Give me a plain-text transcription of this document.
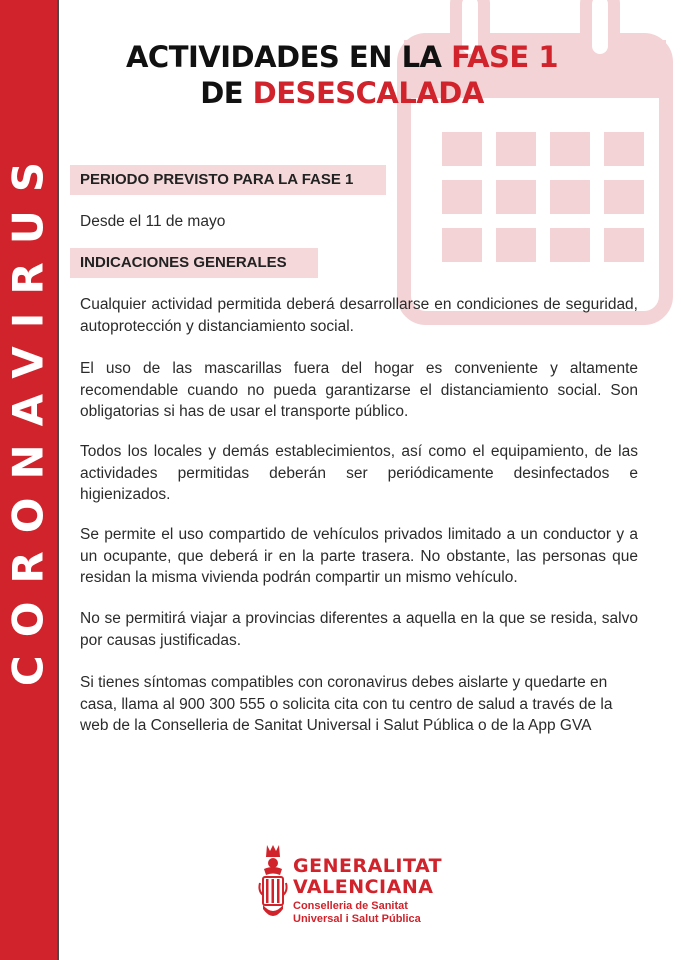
CORONAVIRUS
ACTIVIDADES EN LA FASE 1
DE DESESCALADA
PERIODO PREVISTO PARA LA FASE 1
Desde el 11 de mayo
INDICACIONES GENERALES
Cualquier actividad permitida deberá desarrollarse en condiciones de seguridad, autoprotección y distanciamiento social.
El uso de las mascarillas fuera del hogar es conveniente y altamente recomendable cuando no pueda garantizarse el distanciamiento social. Son obligatorias si has de usar el transporte público.
Todos los locales y demás establecimientos, así como el equipamiento, de las actividades permitidas deberán ser periódicamente desinfectados e higienizados.
Se permite el uso compartido de vehículos privados limitado a un conductor y a un ocupante, que deberá ir en la parte trasera. No obstante, las personas que residan la misma vivienda podrán compartir un mismo vehículo.
No se permitirá viajar a provincias diferentes a aquella en la que se resida, salvo por causas justificadas.
Si tienes síntomas compatibles con coronavirus debes aislarte y quedarte en casa, llama al 900 300 555 o solicita cita con tu centro de salud a través de la web de la Conselleria de Sanitat Universal i Salut Pública o de la App GVA
GENERALITAT
VALENCIANA
Conselleria de Sanitat
Universal i Salut Pública
